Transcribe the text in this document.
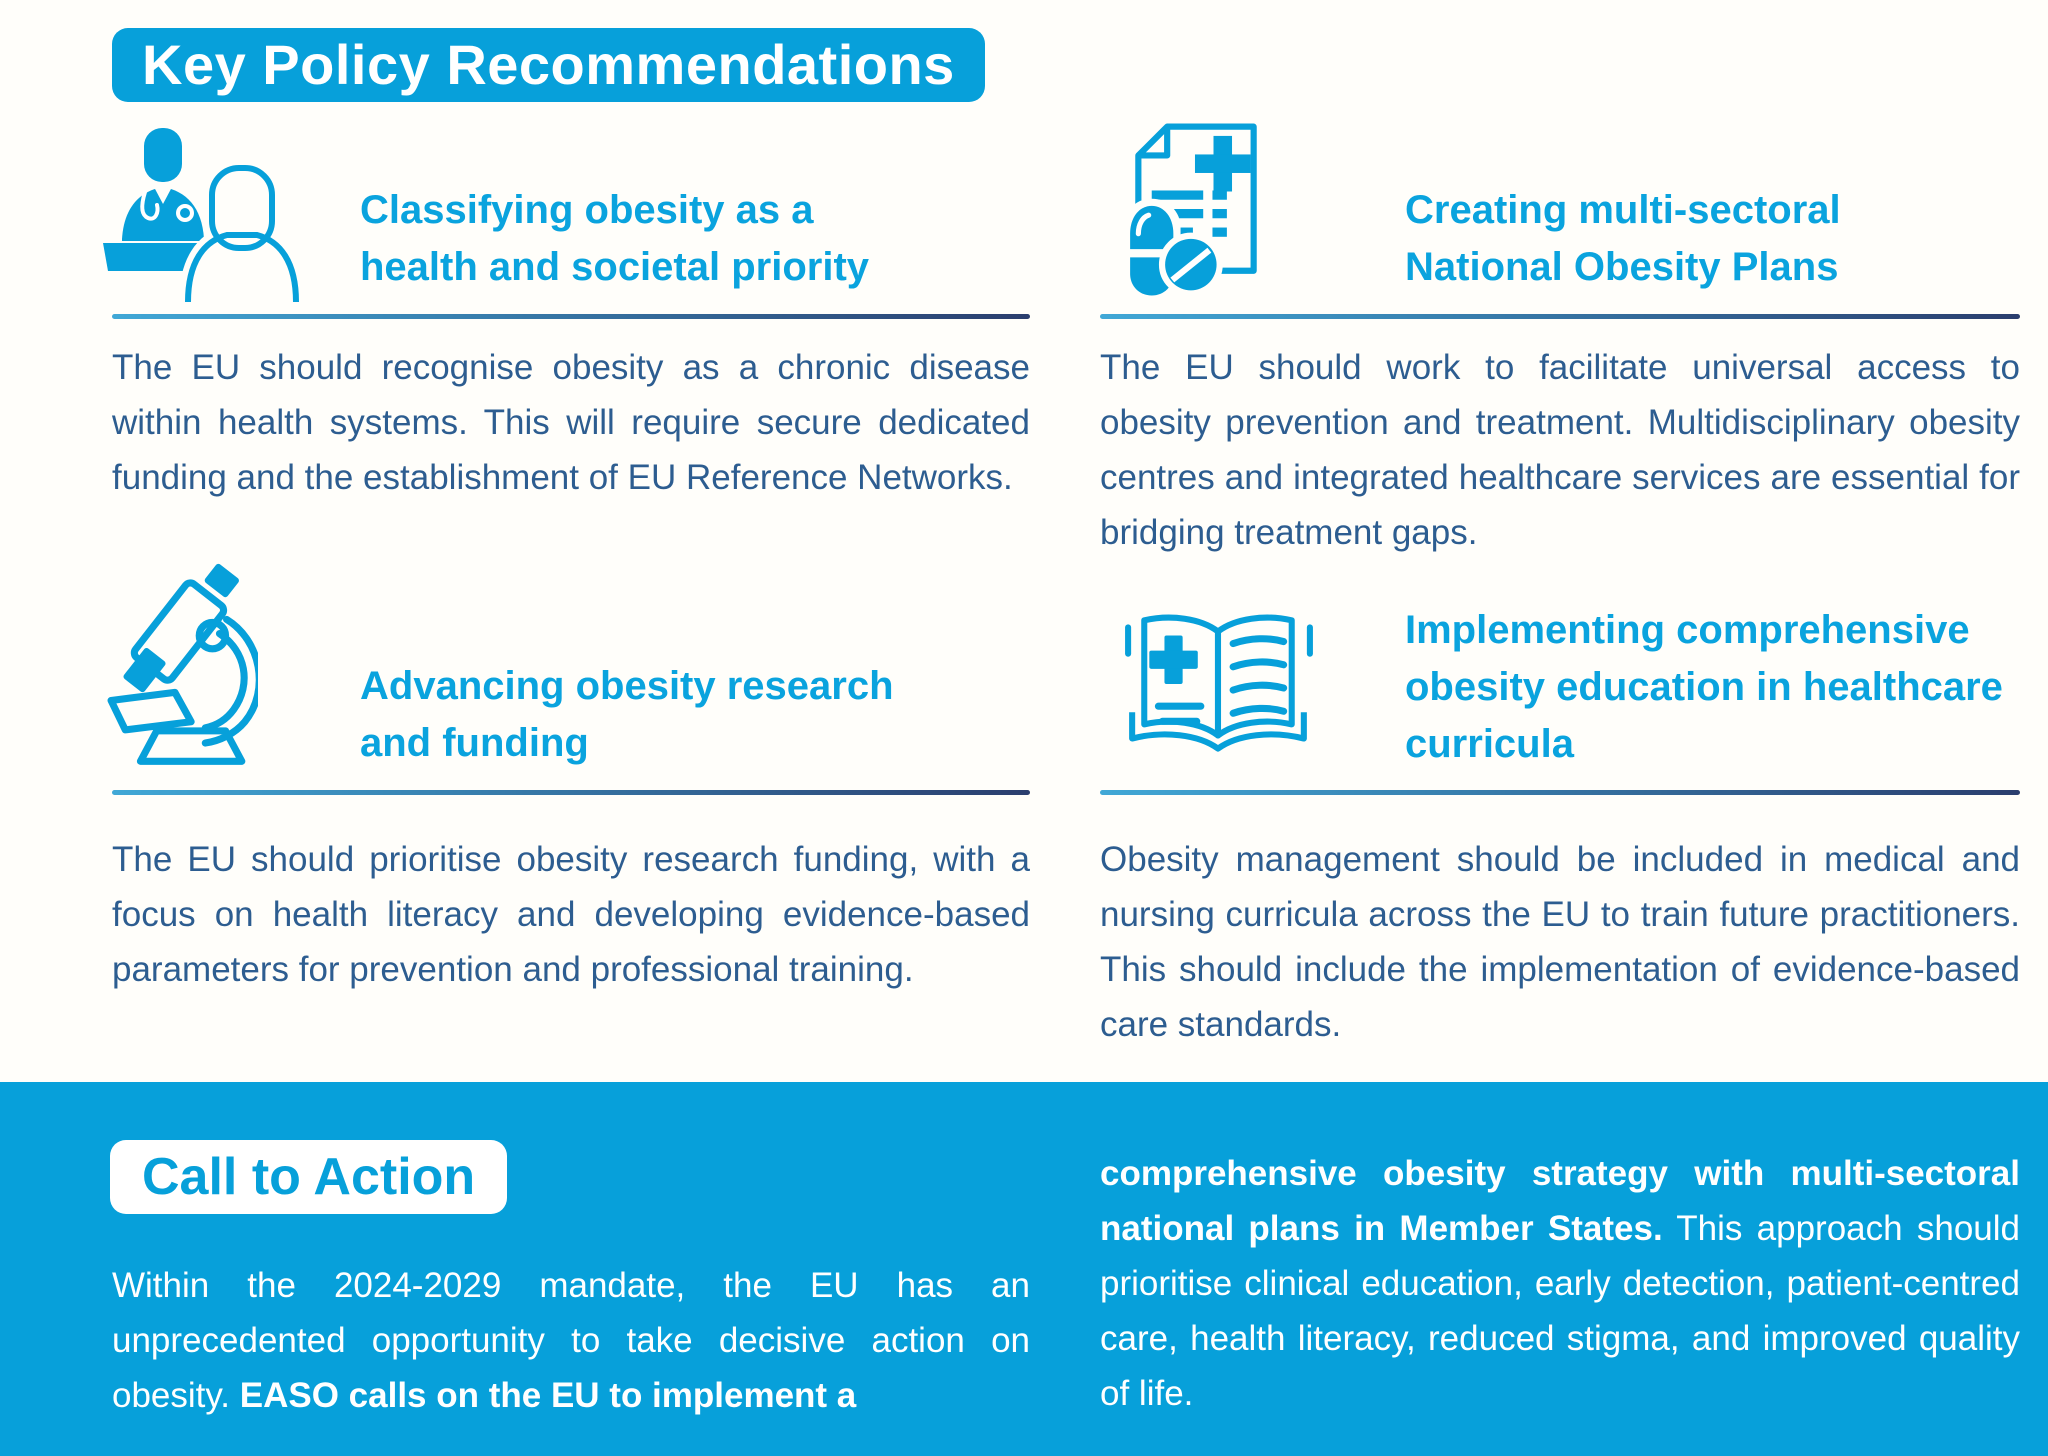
Key Policy Recommendations
Classifying obesity as a
health and societal priority

The EU should recognise obesity as a chronic disease within health systems. This will require secure dedicated funding and the establishment of EU Reference Networks.

Creating multi-sectoral
National Obesity Plans

The EU should work to facilitate universal access to obesity prevention and treatment. Multidisciplinary obesity centres and integrated healthcare services are essential for bridging treatment gaps.

Advancing obesity research
and funding

The EU should prioritise obesity research funding, with a focus on health literacy and developing evidence-based parameters for prevention and professional training.

Implementing comprehensive
obesity education in healthcare
curricula

Obesity management should be included in medical and nursing curricula across the EU to train future practitioners. This should include the implementation of evidence-based care standards.

Call to Action

Within the 2024-2029 mandate, the EU has an unprecedented opportunity to take decisive action on obesity. EASO calls on the EU to implement a

comprehensive obesity strategy with multi-sectoral national plans in Member States. This approach should prioritise clinical education, early detection, patient-centred care, health literacy, reduced stigma, and improved quality of life.
